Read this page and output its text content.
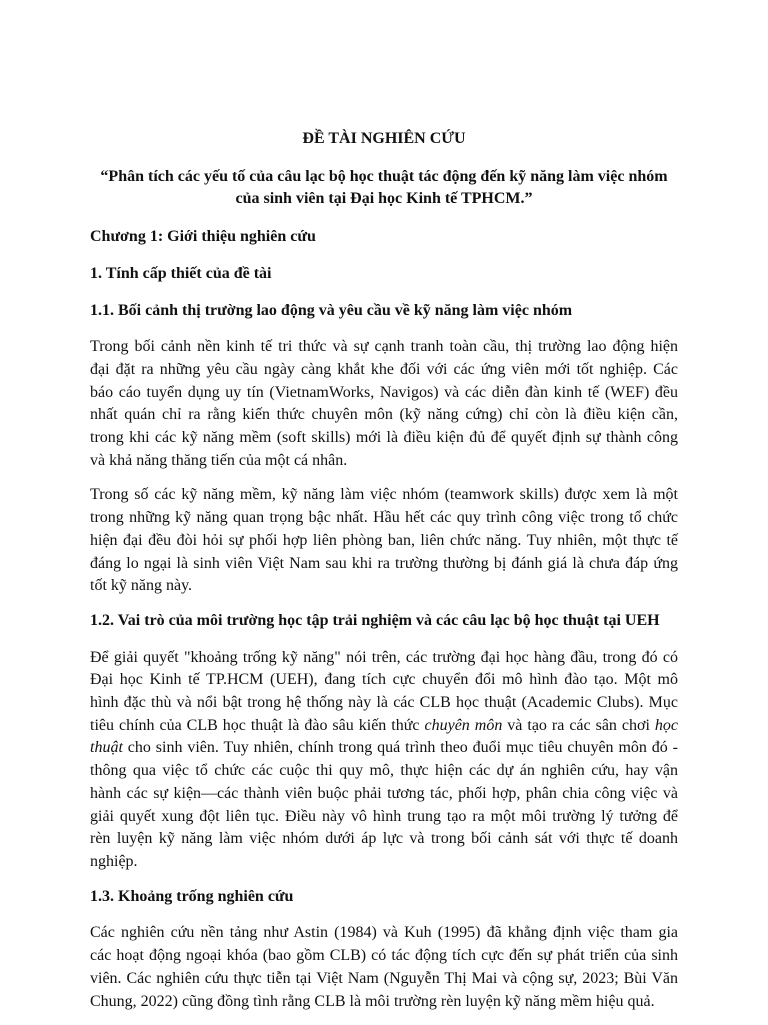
ĐỀ TÀI NGHIÊN CỨU

“Phân tích các yếu tố của câu lạc bộ học thuật tác động đến kỹ năng làm việc nhóm
của sinh viên tại Đại học Kinh tế TPHCM.”

Chương 1: Giới thiệu nghiên cứu

1. Tính cấp thiết của đề tài

1.1. Bối cảnh thị trường lao động và yêu cầu về kỹ năng làm việc nhóm

Trong bối cảnh nền kinh tế tri thức và sự cạnh tranh toàn cầu, thị trường lao động hiện
đại đặt ra những yêu cầu ngày càng khắt khe đối với các ứng viên mới tốt nghiệp. Các
báo cáo tuyển dụng uy tín (VietnamWorks, Navigos) và các diễn đàn kinh tế (WEF) đều
nhất quán chỉ ra rằng kiến thức chuyên môn (kỹ năng cứng) chỉ còn là điều kiện cần,
trong khi các kỹ năng mềm (soft skills) mới là điều kiện đủ để quyết định sự thành công
và khả năng thăng tiến của một cá nhân.
Trong số các kỹ năng mềm, kỹ năng làm việc nhóm (teamwork skills) được xem là một
trong những kỹ năng quan trọng bậc nhất. Hầu hết các quy trình công việc trong tổ chức
hiện đại đều đòi hỏi sự phối hợp liên phòng ban, liên chức năng. Tuy nhiên, một thực tế
đáng lo ngại là sinh viên Việt Nam sau khi ra trường thường bị đánh giá là chưa đáp ứng
tốt kỹ năng này.

1.2. Vai trò của môi trường học tập trải nghiệm và các câu lạc bộ học thuật tại UEH

Để giải quyết "khoảng trống kỹ năng" nói trên, các trường đại học hàng đầu, trong đó có
Đại học Kinh tế TP.HCM (UEH), đang tích cực chuyển đổi mô hình đào tạo. Một mô
hình đặc thù và nổi bật trong hệ thống này là các CLB học thuật (Academic Clubs). Mục
tiêu chính của CLB học thuật là đào sâu kiến thức chuyên môn và tạo ra các sân chơi học
thuật cho sinh viên. Tuy nhiên, chính trong quá trình theo đuổi mục tiêu chuyên môn đó -
thông qua việc tổ chức các cuộc thi quy mô, thực hiện các dự án nghiên cứu, hay vận
hành các sự kiện—các thành viên buộc phải tương tác, phối hợp, phân chia công việc và
giải quyết xung đột liên tục. Điều này vô hình trung tạo ra một môi trường lý tưởng để
rèn luyện kỹ năng làm việc nhóm dưới áp lực và trong bối cảnh sát với thực tế doanh
nghiệp.

1.3. Khoảng trống nghiên cứu

Các nghiên cứu nền tảng như Astin (1984) và Kuh (1995) đã khẳng định việc tham gia
các hoạt động ngoại khóa (bao gồm CLB) có tác động tích cực đến sự phát triển của sinh
viên. Các nghiên cứu thực tiễn tại Việt Nam (Nguyễn Thị Mai và cộng sự, 2023; Bùi Văn
Chung, 2022) cũng đồng tình rằng CLB là môi trường rèn luyện kỹ năng mềm hiệu quả.
